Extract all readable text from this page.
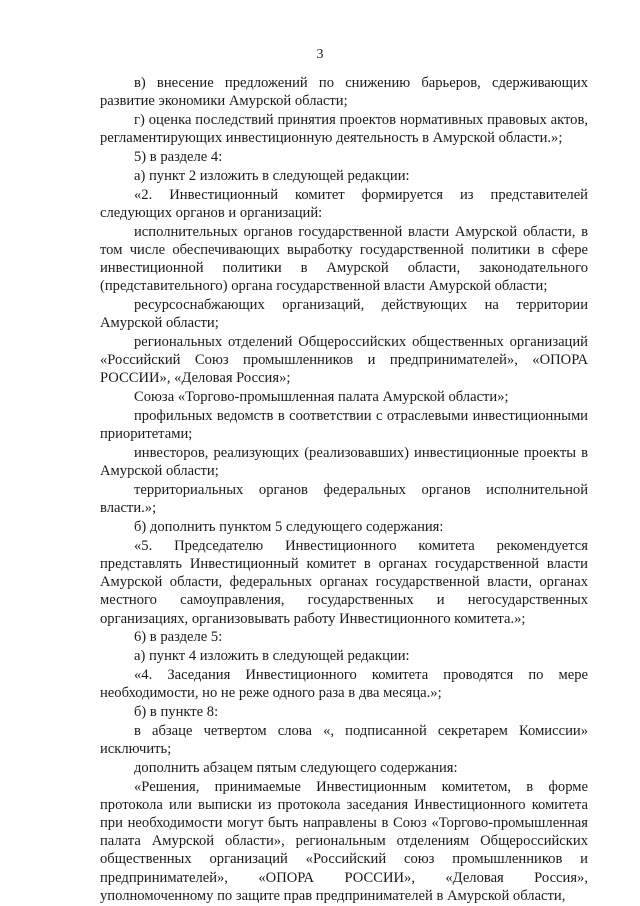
3

в) внесение предложений по снижению барьеров, сдерживающих развитие экономики Амурской области;

г) оценка последствий принятия проектов нормативных правовых актов, регламентирующих инвестиционную деятельность в Амурской области.»;

5) в разделе 4:

а) пункт 2 изложить в следующей редакции:

«2. Инвестиционный комитет формируется из представителей следующих органов и организаций:

исполнительных органов государственной власти Амурской области, в том числе обеспечивающих выработку государственной политики в сфере инвестиционной политики в Амурской области, законодательного (представительного) органа государственной власти Амурской области;

ресурсоснабжающих организаций, действующих на территории Амурской области;

региональных отделений Общероссийских общественных организаций «Российский Союз промышленников и предпринимателей», «ОПОРА РОССИИ», «Деловая Россия»;

Союза «Торгово-промышленная палата Амурской области»;

профильных ведомств в соответствии с отраслевыми инвестиционными приоритетами;

инвесторов, реализующих (реализовавших) инвестиционные проекты в Амурской области;

территориальных органов федеральных органов исполнительной власти.»;

б) дополнить пунктом 5 следующего содержания:

«5. Председателю Инвестиционного комитета рекомендуется представлять Инвестиционный комитет в органах государственной власти Амурской области, федеральных органах государственной власти, органах местного самоуправления, государственных и негосударственных организациях, организовывать работу Инвестиционного комитета.»;

6) в разделе 5:

а) пункт 4 изложить в следующей редакции:

«4. Заседания Инвестиционного комитета проводятся по мере необходимости, но не реже одного раза в два месяца.»;

б) в пункте 8:

в абзаце четвертом слова «, подписанной секретарем Комиссии» исключить;

дополнить абзацем пятым следующего содержания:

«Решения, принимаемые Инвестиционным комитетом, в форме протокола или выписки из протокола заседания Инвестиционного комитета при необходимости могут быть направлены в Союз «Торгово-промышленная палата Амурской области», региональным отделениям Общероссийских общественных организаций «Российский союз промышленников и предпринимателей», «ОПОРА РОССИИ», «Деловая Россия», уполномоченному по защите прав предпринимателей в Амурской области,
